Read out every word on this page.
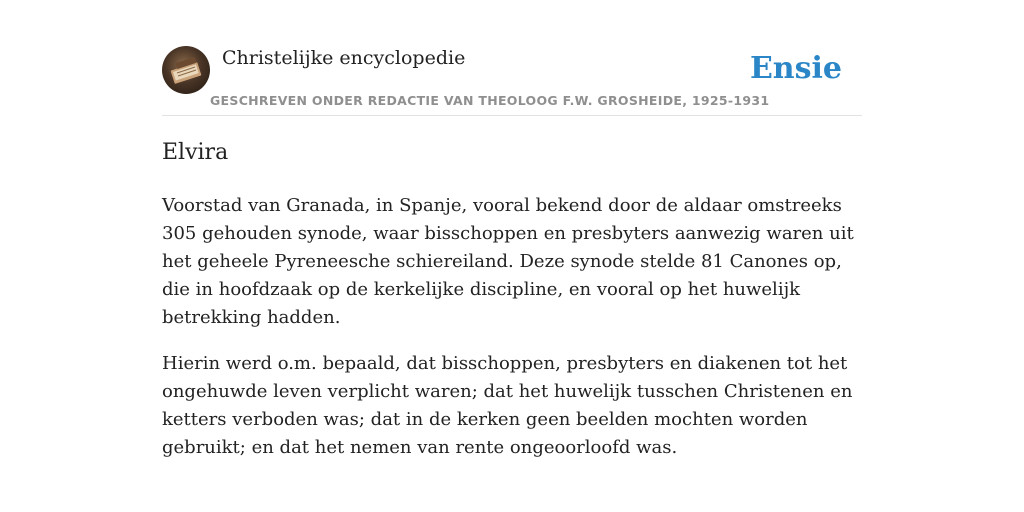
Christelijke encyclopedie
GESCHREVEN ONDER REDACTIE VAN THEOLOOG F.W. GROSHEIDE, 1925-1931
Ensie
Elvira

Voorstad van Granada, in Spanje, vooral bekend door de aldaar omstreeks 305 gehouden synode, waar bisschoppen en presbyters aanwezig waren uit het geheele Pyreneesche schiereiland. Deze synode stelde 81 Canones op, die in hoofdzaak op de kerkelijke discipline, en vooral op het huwelijk betrekking hadden.

Hierin werd o.m. bepaald, dat bisschoppen, presbyters en diakenen tot het ongehuwde leven verplicht waren; dat het huwelijk tusschen Christenen en ketters verboden was; dat in de kerken geen beelden mochten worden gebruikt; en dat het nemen van rente ongeoorloofd was.
